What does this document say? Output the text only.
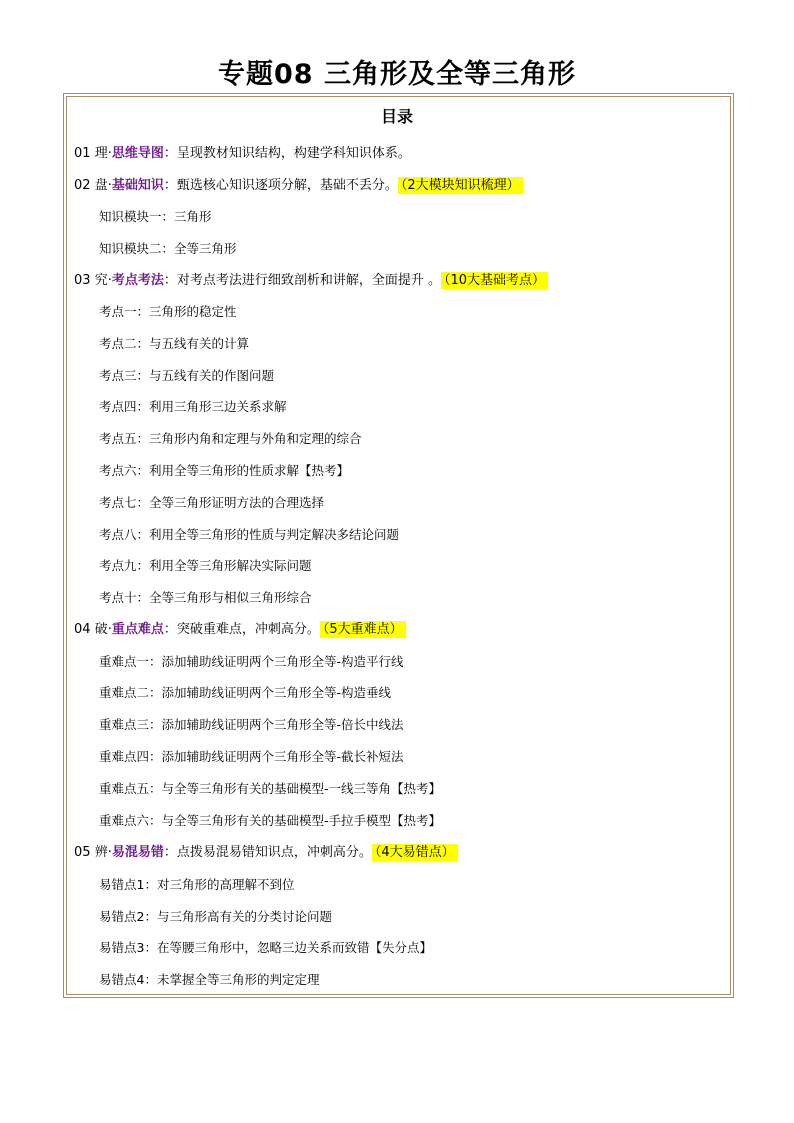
专题08 三角形及全等三角形
目录
01 理·思维导图：呈现教材知识结构，构建学科知识体系。
02 盘·基础知识：甄选核心知识逐项分解，基础不丢分。 （2大模块知识梳理）
知识模块一：三角形
知识模块二：全等三角形
03 究·考点考法：对考点考法进行细致剖析和讲解，全面提升 。 （10大基础考点）
考点一：三角形的稳定性
考点二：与五线有关的计算
考点三：与五线有关的作图问题
考点四：利用三角形三边关系求解
考点五：三角形内角和定理与外角和定理的综合
考点六：利用全等三角形的性质求解【热考】
考点七：全等三角形证明方法的合理选择
考点八：利用全等三角形的性质与判定解决多结论问题
考点九：利用全等三角形解决实际问题
考点十：全等三角形与相似三角形综合
04 破·重点难点：突破重难点，冲刺高分。 （5大重难点）
重难点一：添加辅助线证明两个三角形全等-构造平行线
重难点二：添加辅助线证明两个三角形全等-构造垂线
重难点三：添加辅助线证明两个三角形全等-倍长中线法
重难点四：添加辅助线证明两个三角形全等-截长补短法
重难点五：与全等三角形有关的基础模型-一线三等角【热考】
重难点六：与全等三角形有关的基础模型-手拉手模型【热考】
05 辨·易混易错：点拨易混易错知识点，冲刺高分。 （4大易错点）
易错点1：对三角形的高理解不到位
易错点2：与三角形高有关的分类讨论问题
易错点3：在等腰三角形中，忽略三边关系而致错【失分点】
易错点4：未掌握全等三角形的判定定理
